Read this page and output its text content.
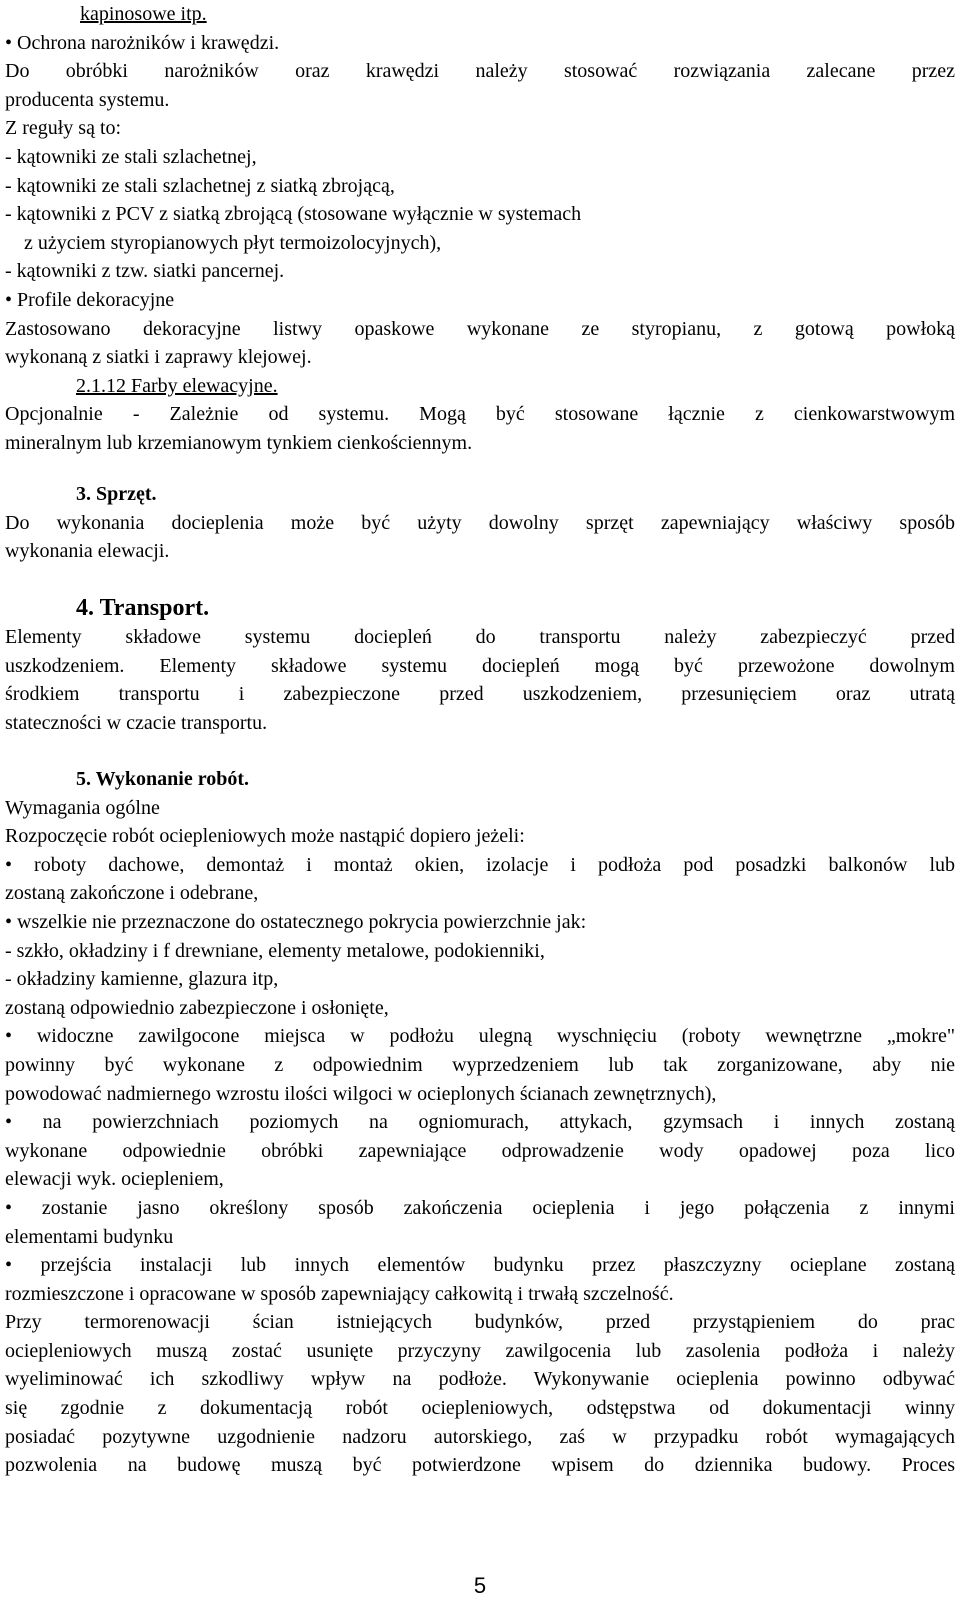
kapinosowe itp.
• Ochrona narożników i krawędzi.
Do obróbki narożników oraz krawędzi należy stosować rozwiązania zalecane przez
producenta systemu.
Z reguły są to:
- kątowniki ze stali szlachetnej,
- kątowniki ze stali szlachetnej z siatką zbrojącą,
- kątowniki z PCV z siatką zbrojącą (stosowane wyłącznie w systemach
z użyciem styropianowych płyt termoizolocyjnych),
- kątowniki z tzw. siatki pancernej.
• Profile dekoracyjne
Zastosowano dekoracyjne listwy opaskowe wykonane ze styropianu, z gotową powłoką
wykonaną z siatki i zaprawy klejowej.
2.1.12 Farby elewacyjne.
Opcjonalnie - Zależnie od systemu. Mogą być stosowane łącznie z cienkowarstwowym
mineralnym lub krzemianowym tynkiem cienkościennym.
3. Sprzęt.
Do wykonania docieplenia może być użyty dowolny sprzęt zapewniający właściwy sposób
wykonania elewacji.
4. Transport.
Elementy składowe systemu dociepleń do transportu należy zabezpieczyć przed
uszkodzeniem. Elementy składowe systemu dociepleń mogą być przewożone dowolnym
środkiem transportu i zabezpieczone przed uszkodzeniem, przesunięciem oraz utratą
stateczności w czacie transportu.
5. Wykonanie robót.
Wymagania ogólne
Rozpoczęcie robót ociepleniowych może nastąpić dopiero jeżeli:
• roboty dachowe, demontaż i montaż okien, izolacje i podłoża pod posadzki balkonów lub
zostaną zakończone i odebrane,
• wszelkie nie przeznaczone do ostatecznego pokrycia powierzchnie jak:
- szkło, okładziny i f drewniane, elementy metalowe, podokienniki,
- okładziny kamienne, glazura itp,
zostaną odpowiednio zabezpieczone i osłonięte,
• widoczne zawilgocone miejsca w podłożu ulegną wyschnięciu (roboty wewnętrzne „mokre"
powinny być wykonane z odpowiednim wyprzedzeniem lub tak zorganizowane, aby nie
powodować nadmiernego wzrostu ilości wilgoci w ocieplonych ścianach zewnętrznych),
• na powierzchniach poziomych na ogniomurach, attykach, gzymsach i innych zostaną
wykonane odpowiednie obróbki zapewniające odprowadzenie wody opadowej poza lico
elewacji wyk. ociepleniem,
• zostanie jasno określony sposób zakończenia ocieplenia i jego połączenia z innymi
elementami budynku
• przejścia instalacji lub innych elementów budynku przez płaszczyzny ocieplane zostaną
rozmieszczone i opracowane w sposób zapewniający całkowitą i trwałą szczelność.
Przy termorenowacji ścian istniejących budynków, przed przystąpieniem do prac
ociepleniowych muszą zostać usunięte przyczyny zawilgocenia lub zasolenia podłoża i należy
wyeliminować ich szkodliwy wpływ na podłoże. Wykonywanie ocieplenia powinno odbywać
się zgodnie z dokumentacją robót ociepleniowych, odstępstwa od dokumentacji winny
posiadać pozytywne uzgodnienie nadzoru autorskiego, zaś w przypadku robót wymagających
pozwolenia na budowę muszą być potwierdzone wpisem do dziennika budowy. Proces
5
